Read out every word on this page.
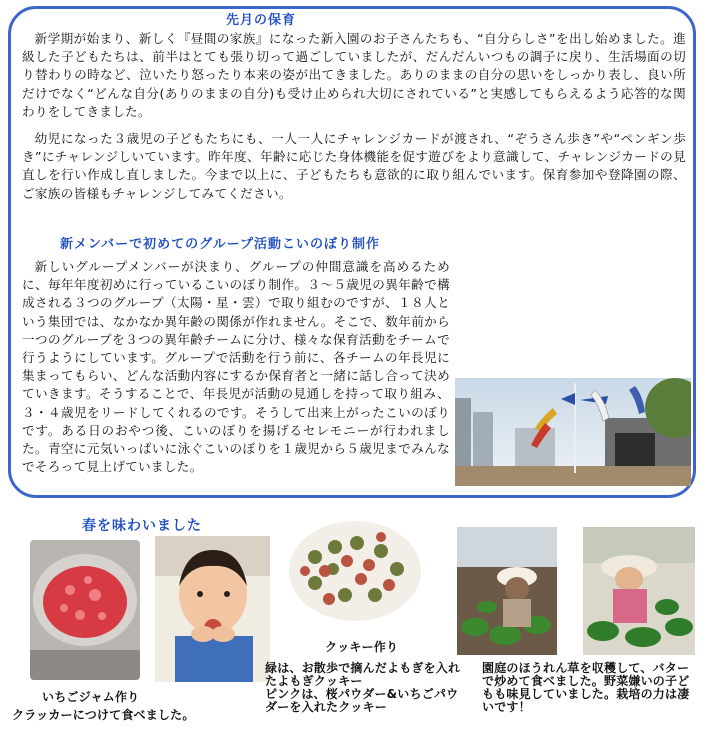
先月の保育
新学期が始まり、新しく『昼間の家族』になった新入園のお子さんたちも、“自分らしさ”を出し始めました。進級した子どもたちは、前半はとても張り切って過ごしていましたが、だんだんいつもの調子に戻り、生活場面の切り替わりの時など、泣いたり怒ったり本来の姿が出てきました。ありのままの自分の思いをしっかり表し、良い所だけでなく“どんな自分(ありのままの自分)も受け止められ大切にされている”と実感してもらえるよう応答的な関わりをしてきました。
幼児になった３歳児の子どもたちにも、一人一人にチャレンジカードが渡され、“ぞうさん歩き”や“ペンギン歩き”にチャレンジしいています。昨年度、年齢に応じた身体機能を促す遊びをより意識して、チャレンジカードの見直しを行い作成し直しました。今まで以上に、子どもたちも意欲的に取り組んでいます。保育参加や登降園の際、ご家族の皆様もチャレンジしてみてください。
新メンバーで初めてのグループ活動こいのぼり制作
新しいグループメンバーが決まり、グループの仲間意識を高めるために、毎年年度初めに行っているこいのぼり制作。３～５歳児の異年齢で構成される３つのグループ（太陽・星・雲）で取り組むのですが、１８人という集団では、なかなか異年齢の関係が作れません。そこで、数年前から一つのグループを３つの異年齢チームに分け、様々な保育活動をチームで行うようにしています。グループで活動を行う前に、各チームの年長児に集まってもらい、どんな活動内容にするか保育者と一緒に話し合って決めていきます。そうすることで、年長児が活動の見通しを持って取り組み、３・４歳児をリードしてくれるのです。そうして出来上がったこいのぼりです。ある日のおやつ後、こいのぼりを揚げるセレモニーが行われました。青空に元気いっぱいに泳ぐこいのぼりを１歳児から５歳児までみんなでそろって見上げていました。
春を味わいました
クッキー作り
緑は、お散歩で摘んだよもぎを入れたよもぎクッキー
ピンクは、桜パウダー&いちごパウダーを入れたクッキー
園庭のほうれん草を収穫して、バターで炒めて食べました。野菜嫌いの子どもも味見していました。栽培の力は凄いです！
いちごジャム作り
クラッカーにつけて食べました。
